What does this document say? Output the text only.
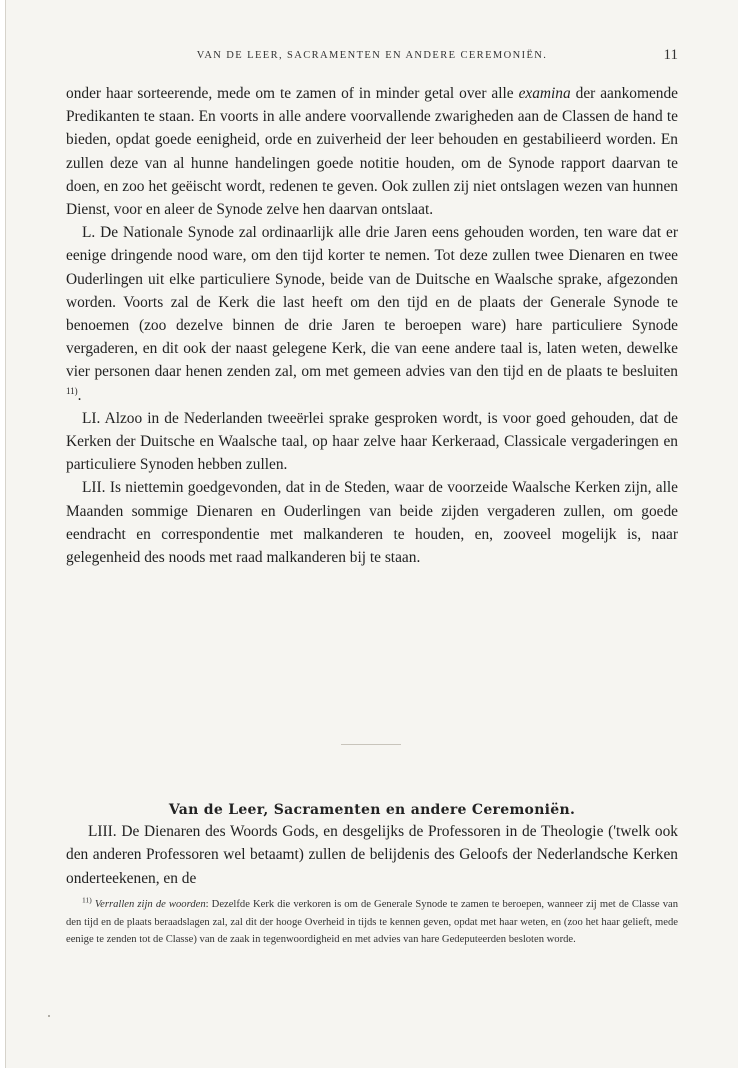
VAN DE LEER, SACRAMENTEN EN ANDERE CEREMONIËN.	11

onder haar sorteerende, mede om te zamen of in minder getal over alle examina der aankomende Predikanten te staan. En voorts in alle andere voorvallende zwarigheden aan de Classen de hand te bieden, opdat goede eenigheid, orde en zuiverheid der leer behouden en gestabilieerd worden. En zullen deze van al hunne handelingen goede notitie houden, om de Synode rapport daarvan te doen, en zoo het geëischt wordt, redenen te geven. Ook zullen zij niet ontslagen wezen van hunnen Dienst, voor en aleer de Synode zelve hen daarvan ontslaat.

L. De Nationale Synode zal ordinaarlijk alle drie Jaren eens gehouden worden, ten ware dat er eenige dringende nood ware, om den tijd korter te nemen. Tot deze zullen twee Dienaren en twee Ouderlingen uit elke particuliere Synode, beide van de Duitsche en Waalsche sprake, afgezonden worden. Voorts zal de Kerk die last heeft om den tijd en de plaats der Generale Synode te benoemen (zoo dezelve binnen de drie Jaren te beroepen ware) hare particuliere Synode vergaderen, en dit ook der naast gelegene Kerk, die van eene andere taal is, laten weten, dewelke vier personen daar henen zenden zal, om met gemeen advies van den tijd en de plaats te besluiten $^{11)}$.

LI. Alzoo in de Nederlanden tweeërlei sprake gesproken wordt, is voor goed gehouden, dat de Kerken der Duitsche en Waalsche taal, op haar zelve haar Kerkeraad, Classicale vergaderingen en particuliere Synoden hebben zullen.

LII. Is niettemin goedgevonden, dat in de Steden, waar de voorzeide Waalsche Kerken zijn, alle Maanden sommige Dienaren en Ouderlingen van beide zijden vergaderen zullen, om goede eendracht en correspondentie met malkanderen te houden, en, zooveel mogelijk is, naar gelegenheid des noods met raad malkanderen bij te staan.

Van de Leer, Sacramenten en andere Ceremoniën.

LIII. De Dienaren des Woords Gods, en desgelijks de Professoren in de Theologie ('twelk ook den anderen Professoren wel betaamt) zullen de belijdenis des Geloofs der Nederlandsche Kerken onderteekenen, en de

$^{11)}$ Verrallen zijn de woorden: Dezelfde Kerk die verkoren is om de Generale Synode te zamen te beroepen, wanneer zij met de Classe van den tijd en de plaats beraadslagen zal, zal dit der hooge Overheid in tijds te kennen geven, opdat met haar weten, en (zoo het haar gelieft, mede eenige te zenden tot de Classe) van de zaak in tegenwoordigheid en met advies van hare Gedeputeerden besloten worde.
